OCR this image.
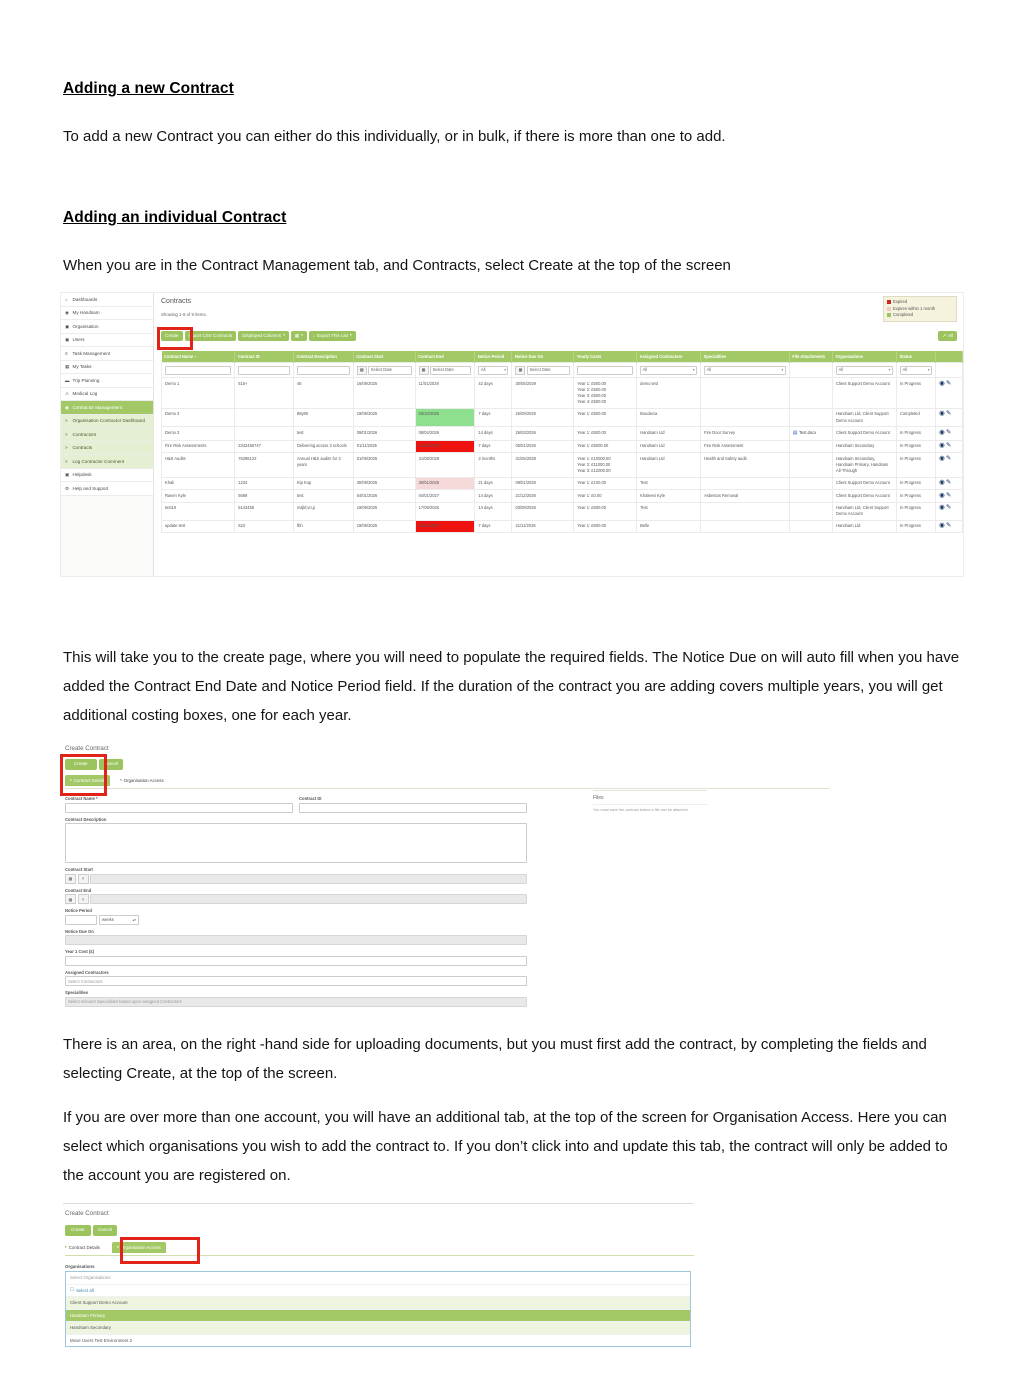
Adding a new Contract
To add a new Contract you can either do this individually, or in bulk, if there is more than one to add.
Adding an individual Contract
When you are in the Contract Management tab, and Contracts, select Create at the top of the screen
This will take you to the create page, where you will need to populate the required fields. The Notice Due on will auto fill when you have added the Contract End Date and Notice Period field. If the duration of the contract you are adding covers multiple years, you will get additional costing boxes, one for each year.
There is an area, on the right -hand side for uploading documents, but you must first add the contract, by completing the fields and selecting Create, at the top of the screen.
If you are over more than one account, you will have an additional tab, at the top of the screen for Organisation Access. Here you can select which organisations you wish to add the contract to. If you don’t click into and update this tab, the contract will only be added to the account you are registered on.
⌂	Dashboards
◉ My Handsam
▣ Organisation
▣ Users
≡	Task Management
▦ My Tasks
▬ Trip Planning
⚠ Medical Log
◉ Contractor Management
>	Organisation Contractor Dashboard
>	Contractors
>	Contracts
>	Log Contractor Comment
▣ Helpdesk
⚙ Help and Support
Contracts
Showing 1-9 of 9 items.
Expired
Expires within 1 month
Completed
Create	Import CSV Contracts	Displayed Columns ▾ ▦ ▾ ↓ Export This List ▾	↗ All
Contract Name ↕	Contract ID	Contract Description	Contract Start	Contract End	Notice Period	Notice Due On	Yearly Costs	Assigned Contractors	Specialities	File Attachments	Organisations	Status	

▦ Select Date	▦ Select Date	All ▾	▦ Select Date		All ▾	All ▾		All ▾	All ▾	

Demo 1	515+	46	16/09/2025	11/01/2029	42 days	30/05/2029	Year 1: £500.00
Year 2: £500.00
Year 3: £500.00
Year 4: £500.00	demo test			Client Support Demo Account	In Progress	◉ ✎
Demo 3		88y80	19/09/2025	03/10/2025	7 days	26/09/2025	Year 1: £500.00	Boudecia			Handsam Ltd, Client Support Demo Account	Completed	◉ ✎
Demo 3		test	09/01/2026	09/04/2026	14 days	26/03/2026	Year 1: £500.00	Handsam Ltd	Fire Door Survey	▤ Test.docx	Client Support Demo Account	In Progress	◉ ✎
Fire Risk Assessments	2342456747	Delivering across 3 schools	01/11/2025	12/01/2026	7 days	05/01/2026	Year 1: £5000.00	Handsam Ltd	Fire Risk Assessment		Handsam Secondary	In Progress	◉ ✎
H&S Audits	76298123	Annual H&S audits for 3 years	01/09/2025	31/08/2028	3 months	31/05/2028	Year 1: £10000.00
Year 2: £11000.00
Year 3: £12000.00	Handsam Ltd	Health and Safety audit		Handsam Secondary, Handsam Primary, Handsam All-Through	In Progress	◉ ✎
Khali	1234	Kip Kop	30/09/2025	30/01/2026	21 days	09/01/2026	Year 1: £100.00	Test			Client Support Demo Account	In Progress	◉ ✎
Raven Kyle	5689	test	04/01/2026	04/01/2027	14 days	21/12/2026	Year 1: £0.00	Khaleesi Kyle	Asbestos Removal		Client Support Demo Account	In Progress	◉ ✎
test10	5143455	nvtjkl;vn,p	19/09/2025	17/09/2026	14 days	03/09/2026	Year 1: £600.00	Test			Handsam Ltd, Client Support Demo Account	In Progress	◉ ✎
update test	523	fbh	19/09/2025	28/11/2025	7 days	21/11/2025	Year 1: £600.00	Belle			Handsam Ltd	In Progress	◉ ✎
Create Contract
Create	Cancel
* Contract Details	* Organisation Access
Contract Name *	Contract ID
Contract Description
Contract Start
▦	×
Contract End
▦	×
Notice Period
weeks	▴▾
Notice Due On
Year 1 Cost (£)
Assigned Contractors
Select Contractors
Specialities
Select relevant Specialities based upon assigned Contractors
Files
You must save the contract before a file can be attached
Create Contract
Create	Cancel
* Contract Details	* Organisation Access
Organisations
Select Organisations
☐ Select all
Client Support Demo Account
Handsam Primary
Handsam Secondary
Move Users Test Environment 2
